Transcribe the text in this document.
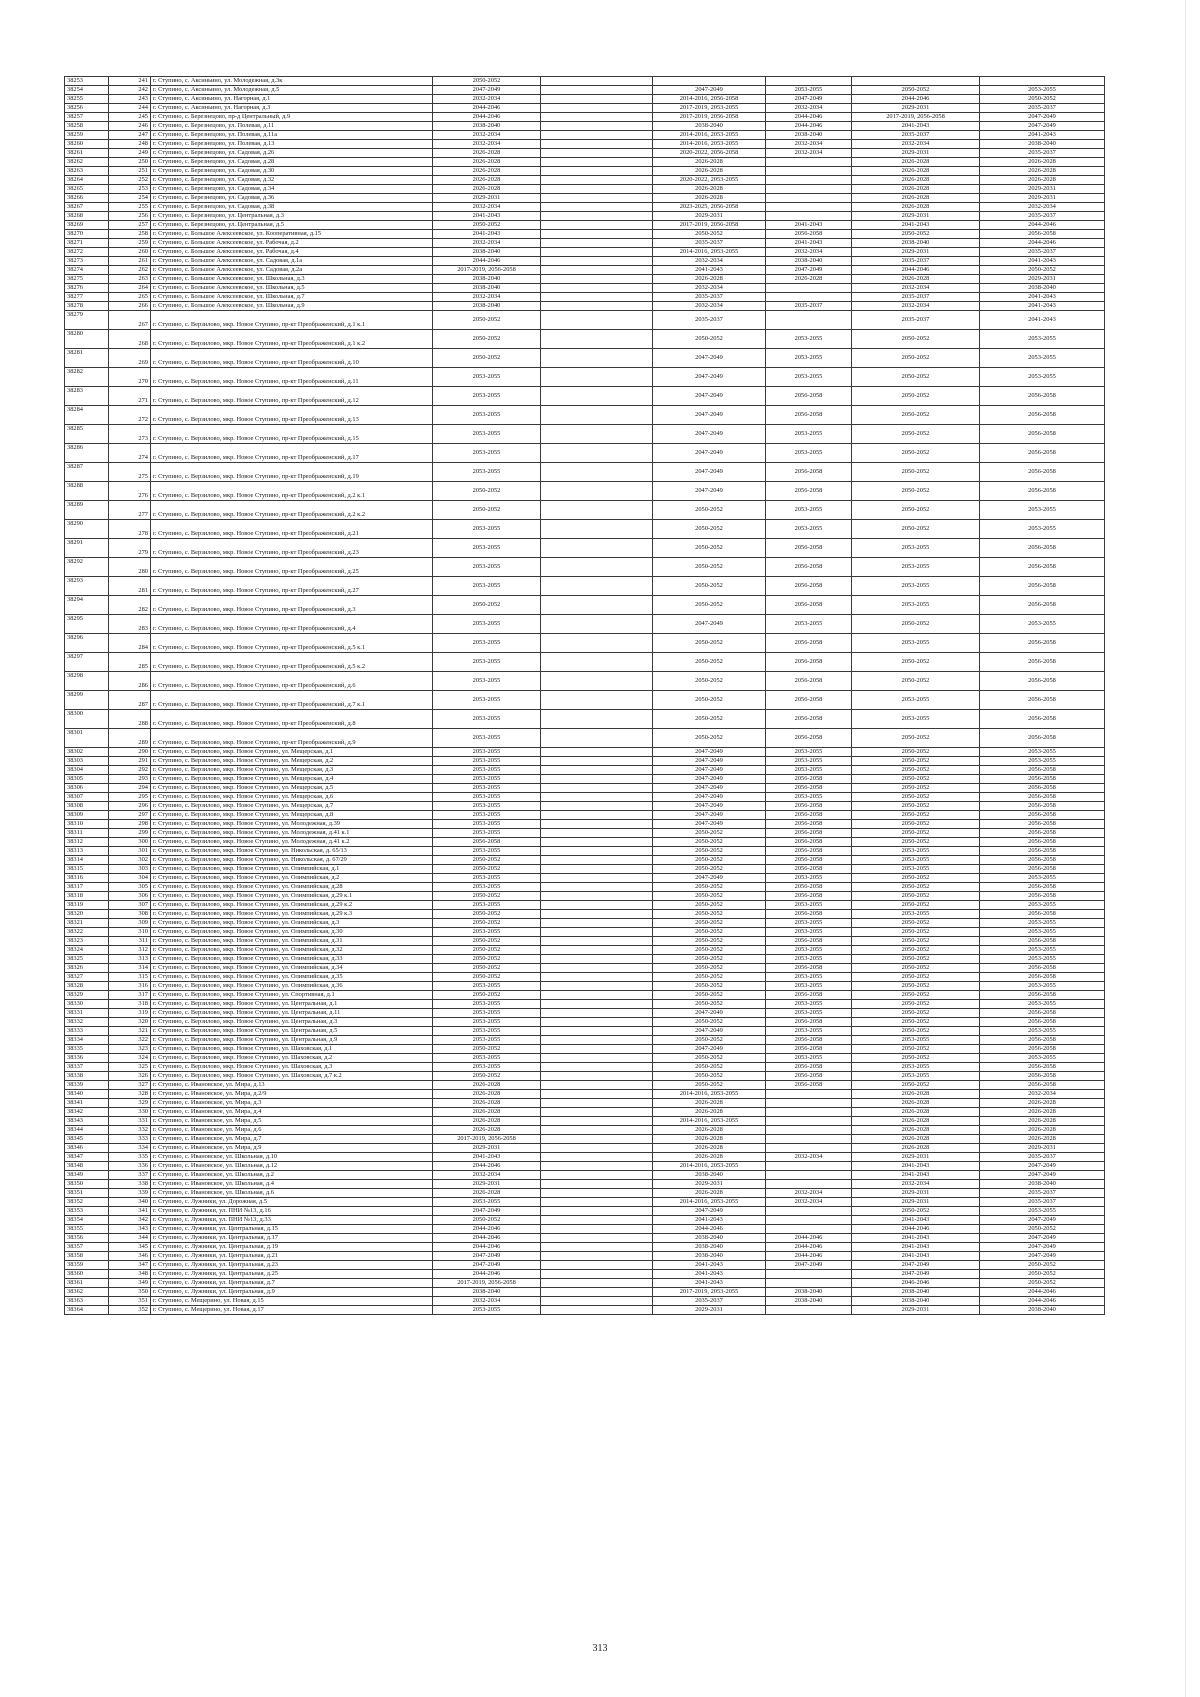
38253	241	г. Ступино, с. Аксиньино, ул. Молодежная, д.3к	2050-2052					
38254	242	г. Ступино, с. Аксиньино, ул. Молодежная, д.5	2047-2049		2047-2049	2053-2055	2050-2052	2053-2055
38255	243	г. Ступино, с. Аксиньино, ул. Нагорная, д.1	2032-2034		2014-2016, 2056-2058	2047-2049	2044-2046	2050-2052
38256	244	г. Ступино, с. Аксиньино, ул. Нагорная, д.3	2044-2046		2017-2019, 2053-2055	2032-2034	2029-2031	2035-2037
38257	245	г. Ступино, с. Березнецово, пр-д Центральный, д.9	2044-2046		2017-2019, 2056-2058	2044-2046	2017-2019, 2056-2058	2047-2049
38258	246	г. Ступино, с. Березнецово, ул. Полевая, д.11	2038-2040		2038-2040	2044-2046	2041-2043	2047-2049
38259	247	г. Ступино, с. Березнецово, ул. Полевая, д.11а	2032-2034		2014-2016, 2053-2055	2038-2040	2035-2037	2041-2043
38260	248	г. Ступино, с. Березнецово, ул. Полевая, д.13	2032-2034		2014-2016, 2053-2055	2032-2034	2032-2034	2038-2040
38261	249	г. Ступино, с. Березнецово, ул. Садовая, д.26	2026-2028		2020-2022, 2056-2058	2032-2034	2029-2031	2035-2037
38262	250	г. Ступино, с. Березнецово, ул. Садовая, д.28	2026-2028		2026-2028		2026-2028	2026-2028
38263	251	г. Ступино, с. Березнецово, ул. Садовая, д.30	2026-2028		2026-2028		2026-2028	2026-2028
38264	252	г. Ступино, с. Березнецово, ул. Садовая, д.32	2026-2028		2020-2022, 2053-2055		2026-2028	2026-2028
38265	253	г. Ступино, с. Березнецово, ул. Садовая, д.34	2026-2028		2026-2028		2026-2028	2029-2031
38266	254	г. Ступино, с. Березнецово, ул. Садовая, д.36	2029-2031		2026-2028		2026-2028	2029-2031
38267	255	г. Ступино, с. Березнецово, ул. Садовая, д.38	2032-2034		2023-2025, 2056-2058		2026-2028	2032-2034
38268	256	г. Ступино, с. Березнецово, ул. Центральная, д.3	2041-2043		2029-2031		2029-2031	2035-2037
38269	257	г. Ступино, с. Березнецово, ул. Центральная, д.5	2050-2052		2017-2019, 2056-2058	2041-2043	2041-2043	2044-2046
38270	258	г. Ступино, с. Большое Алексеевское, ул. Кооперативная, д.15	2041-2043		2050-2052	2056-2058	2050-2052	2056-2058
38271	259	г. Ступино, с. Большое Алексеевское, ул. Рабочая, д.2	2032-2034		2035-2037	2041-2043	2038-2040	2044-2046
38272	260	г. Ступино, с. Большое Алексеевское, ул. Рабочая, д.4	2038-2040		2014-2016, 2053-2055	2032-2034	2029-2031	2035-2037
38273	261	г. Ступино, с. Большое Алексеевское, ул. Садовая, д.1а	2044-2046		2032-2034	2038-2040	2035-2037	2041-2043
38274	262	г. Ступино, с. Большое Алексеевское, ул. Садовая, д.2а	2017-2019, 2056-2058		2041-2043	2047-2049	2044-2046	2050-2052
38275	263	г. Ступино, с. Большое Алексеевское, ул. Школьная, д.3	2038-2040		2026-2028	2026-2028	2026-2028	2029-2031
38276	264	г. Ступино, с. Большое Алексеевское, ул. Школьная, д.5	2038-2040		2032-2034		2032-2034	2038-2040
38277	265	г. Ступино, с. Большое Алексеевское, ул. Школьная, д.7	2032-2034		2035-2037		2035-2037	2041-2043
38278	266	г. Ступино, с. Большое Алексеевское, ул. Школьная, д.9	2038-2040		2032-2034	2035-2037	2032-2034	2041-2043
38279	267	г. Ступино, с. Верзилово, мкр. Новое Ступино, пр-кт Преображенский, д.1 к.1	2050-2052		2035-2037		2035-2037	2041-2043
38280	268	г. Ступино, с. Верзилово, мкр. Новое Ступино, пр-кт Преображенский, д.1 к.2	2050-2052		2050-2052	2053-2055	2050-2052	2053-2055
38281	269	г. Ступино, с. Верзилово, мкр. Новое Ступино, пр-кт Преображенский, д.10	2050-2052		2047-2049	2053-2055	2050-2052	2053-2055
38282	270	г. Ступино, с. Верзилово, мкр. Новое Ступино, пр-кт Преображенский, д.11	2053-2055		2047-2049	2053-2055	2050-2052	2053-2055
38283	271	г. Ступино, с. Верзилово, мкр. Новое Ступино, пр-кт Преображенский, д.12	2053-2055		2047-2049	2056-2058	2050-2052	2056-2058
38284	272	г. Ступино, с. Верзилово, мкр. Новое Ступино, пр-кт Преображенский, д.13	2053-2055		2047-2049	2056-2058	2050-2052	2056-2058
38285	273	г. Ступино, с. Верзилово, мкр. Новое Ступино, пр-кт Преображенский, д.15	2053-2055		2047-2049	2053-2055	2050-2052	2056-2058
38286	274	г. Ступино, с. Верзилово, мкр. Новое Ступино, пр-кт Преображенский, д.17	2053-2055		2047-2049	2053-2055	2050-2052	2056-2058
38287	275	г. Ступино, с. Верзилово, мкр. Новое Ступино, пр-кт Преображенский, д.19	2053-2055		2047-2049	2056-2058	2050-2052	2056-2058
38288	276	г. Ступино, с. Верзилово, мкр. Новое Ступино, пр-кт Преображенский, д.2 к.1	2050-2052		2047-2049	2056-2058	2050-2052	2056-2058
38289	277	г. Ступино, с. Верзилово, мкр. Новое Ступино, пр-кт Преображенский, д.2 к.2	2050-2052		2050-2052	2053-2055	2050-2052	2053-2055
38290	278	г. Ступино, с. Верзилово, мкр. Новое Ступино, пр-кт Преображенский, д.21	2053-2055		2050-2052	2053-2055	2050-2052	2053-2055
38291	279	г. Ступино, с. Верзилово, мкр. Новое Ступино, пр-кт Преображенский, д.23	2053-2055		2050-2052	2056-2058	2053-2055	2056-2058
38292	280	г. Ступино, с. Верзилово, мкр. Новое Ступино, пр-кт Преображенский, д.25	2053-2055		2050-2052	2056-2058	2053-2055	2056-2058
38293	281	г. Ступино, с. Верзилово, мкр. Новое Ступино, пр-кт Преображенский, д.27	2053-2055		2050-2052	2056-2058	2053-2055	2056-2058
38294	282	г. Ступино, с. Верзилово, мкр. Новое Ступино, пр-кт Преображенский, д.3	2050-2052		2050-2052	2056-2058	2053-2055	2056-2058
38295	283	г. Ступино, с. Верзилово, мкр. Новое Ступино, пр-кт Преображенский, д.4	2053-2055		2047-2049	2053-2055	2050-2052	2053-2055
38296	284	г. Ступино, с. Верзилово, мкр. Новое Ступино, пр-кт Преображенский, д.5 к.1	2053-2055		2050-2052	2056-2058	2053-2055	2056-2058
38297	285	г. Ступино, с. Верзилово, мкр. Новое Ступино, пр-кт Преображенский, д.5 к.2	2053-2055		2050-2052	2056-2058	2050-2052	2056-2058
38298	286	г. Ступино, с. Верзилово, мкр. Новое Ступино, пр-кт Преображенский, д.6	2053-2055		2050-2052	2056-2058	2050-2052	2056-2058
38299	287	г. Ступино, с. Верзилово, мкр. Новое Ступино, пр-кт Преображенский, д.7 к.1	2053-2055		2050-2052	2056-2058	2053-2055	2056-2058
38300	288	г. Ступино, с. Верзилово, мкр. Новое Ступино, пр-кт Преображенский, д.8	2053-2055		2050-2052	2056-2058	2053-2055	2056-2058
38301	289	г. Ступино, с. Верзилово, мкр. Новое Ступино, пр-кт Преображенский, д.9	2053-2055		2050-2052	2056-2058	2050-2052	2056-2058
38302	290	г. Ступино, с. Верзилово, мкр. Новое Ступино, ул. Мещерская, д.1	2053-2055		2047-2049	2053-2055	2050-2052	2053-2055
38303	291	г. Ступино, с. Верзилово, мкр. Новое Ступино, ул. Мещерская, д.2	2053-2055		2047-2049	2053-2055	2050-2052	2053-2055
38304	292	г. Ступино, с. Верзилово, мкр. Новое Ступино, ул. Мещерская, д.3	2053-2055		2047-2049	2053-2055	2050-2052	2056-2058
38305	293	г. Ступино, с. Верзилово, мкр. Новое Ступино, ул. Мещерская, д.4	2053-2055		2047-2049	2056-2058	2050-2052	2056-2058
38306	294	г. Ступино, с. Верзилово, мкр. Новое Ступино, ул. Мещерская, д.5	2053-2055		2047-2049	2056-2058	2050-2052	2056-2058
38307	295	г. Ступино, с. Верзилово, мкр. Новое Ступино, ул. Мещерская, д.6	2053-2055		2047-2049	2053-2055	2050-2052	2056-2058
38308	296	г. Ступино, с. Верзилово, мкр. Новое Ступино, ул. Мещерская, д.7	2053-2055		2047-2049	2056-2058	2050-2052	2056-2058
38309	297	г. Ступино, с. Верзилово, мкр. Новое Ступино, ул. Мещерская, д.8	2053-2055		2047-2049	2056-2058	2050-2052	2056-2058
38310	298	г. Ступино, с. Верзилово, мкр. Новое Ступино, ул. Молодежная, д.39	2053-2055		2047-2049	2056-2058	2050-2052	2056-2058
38311	299	г. Ступино, с. Верзилово, мкр. Новое Ступино, ул. Молодежная, д.41 к.1	2053-2055		2050-2052	2056-2058	2050-2052	2056-2058
38312	300	г. Ступино, с. Верзилово, мкр. Новое Ступино, ул. Молодежная, д.41 к.2	2056-2058		2050-2052	2056-2058	2050-2052	2056-2058
38313	301	г. Ступино, с. Верзилово, мкр. Новое Ступино, ул. Никольская, д. 65/13	2053-2055		2050-2052	2056-2058	2053-2055	2056-2058
38314	302	г. Ступино, с. Верзилово, мкр. Новое Ступино, ул. Никольская, д. 67/29	2050-2052		2050-2052	2056-2058	2053-2055	2056-2058
38315	303	г. Ступино, с. Верзилово, мкр. Новое Ступино, ул. Олимпийская, д.1	2050-2052		2050-2052	2056-2058	2053-2055	2056-2058
38316	304	г. Ступино, с. Верзилово, мкр. Новое Ступино, ул. Олимпийская, д.2	2053-2055		2047-2049	2053-2055	2050-2052	2053-2055
38317	305	г. Ступино, с. Верзилово, мкр. Новое Ступино, ул. Олимпийская, д.28	2053-2055		2050-2052	2056-2058	2050-2052	2056-2058
38318	306	г. Ступино, с. Верзилово, мкр. Новое Ступино, ул. Олимпийская, д.29 к.1	2050-2052		2050-2052	2056-2058	2050-2052	2056-2058
38319	307	г. Ступино, с. Верзилово, мкр. Новое Ступино, ул. Олимпийская, д.29 к.2	2053-2055		2050-2052	2053-2055	2050-2052	2053-2055
38320	308	г. Ступино, с. Верзилово, мкр. Новое Ступино, ул. Олимпийская, д.29 к.3	2050-2052		2050-2052	2056-2058	2053-2055	2056-2058
38321	309	г. Ступино, с. Верзилово, мкр. Новое Ступино, ул. Олимпийская, д.3	2050-2052		2050-2052	2053-2055	2050-2052	2053-2055
38322	310	г. Ступино, с. Верзилово, мкр. Новое Ступино, ул. Олимпийская, д.30	2053-2055		2050-2052	2053-2055	2050-2052	2053-2055
38323	311	г. Ступино, с. Верзилово, мкр. Новое Ступино, ул. Олимпийская, д.31	2050-2052		2050-2052	2056-2058	2050-2052	2056-2058
38324	312	г. Ступино, с. Верзилово, мкр. Новое Ступино, ул. Олимпийская, д.32	2050-2052		2050-2052	2053-2055	2050-2052	2053-2055
38325	313	г. Ступино, с. Верзилово, мкр. Новое Ступино, ул. Олимпийская, д.33	2050-2052		2050-2052	2053-2055	2050-2052	2053-2055
38326	314	г. Ступино, с. Верзилово, мкр. Новое Ступино, ул. Олимпийская, д.34	2050-2052		2050-2052	2056-2058	2050-2052	2056-2058
38327	315	г. Ступино, с. Верзилово, мкр. Новое Ступино, ул. Олимпийская, д.35	2050-2052		2050-2052	2053-2055	2050-2052	2056-2058
38328	316	г. Ступино, с. Верзилово, мкр. Новое Ступино, ул. Олимпийская, д.36	2053-2055		2050-2052	2053-2055	2050-2052	2053-2055
38329	317	г. Ступино, с. Верзилово, мкр. Новое Ступино, ул. Спортивная, д.1	2050-2052		2050-2052	2056-2058	2050-2052	2056-2058
38330	318	г. Ступино, с. Верзилово, мкр. Новое Ступино, ул. Центральная, д.1	2053-2055		2050-2052	2053-2055	2050-2052	2053-2055
38331	319	г. Ступино, с. Верзилово, мкр. Новое Ступино, ул. Центральная, д.11	2053-2055		2047-2049	2053-2055	2050-2052	2056-2058
38332	320	г. Ступино, с. Верзилово, мкр. Новое Ступино, ул. Центральная, д.3	2053-2055		2050-2052	2056-2058	2050-2052	2056-2058
38333	321	г. Ступино, с. Верзилово, мкр. Новое Ступино, ул. Центральная, д.5	2053-2055		2047-2049	2053-2055	2050-2052	2053-2055
38334	322	г. Ступино, с. Верзилово, мкр. Новое Ступино, ул. Центральная, д.9	2053-2055		2050-2052	2056-2058	2053-2055	2056-2058
38335	323	г. Ступино, с. Верзилово, мкр. Новое Ступино, ул. Шаховская, д.1	2050-2052		2047-2049	2056-2058	2050-2052	2056-2058
38336	324	г. Ступино, с. Верзилово, мкр. Новое Ступино, ул. Шаховская, д.2	2053-2055		2050-2052	2053-2055	2050-2052	2053-2055
38337	325	г. Ступино, с. Верзилово, мкр. Новое Ступино, ул. Шаховская, д.3	2053-2055		2050-2052	2056-2058	2053-2055	2056-2058
38338	326	г. Ступино, с. Верзилово, мкр. Новое Ступино, ул. Шаховская, д.7 к.2	2050-2052		2050-2052	2056-2058	2053-2055	2056-2058
38339	327	г. Ступино, с. Ивановское, ул. Мира, д.13	2026-2028		2050-2052	2056-2058	2050-2052	2056-2058
38340	328	г. Ступино, с. Ивановское, ул. Мира, д.2/9	2026-2028		2014-2016, 2053-2055		2026-2028	2032-2034
38341	329	г. Ступино, с. Ивановское, ул. Мира, д.3	2026-2028		2026-2028		2026-2028	2026-2028
38342	330	г. Ступино, с. Ивановское, ул. Мира, д.4	2026-2028		2026-2028		2026-2028	2026-2028
38343	331	г. Ступино, с. Ивановское, ул. Мира, д.5	2026-2028		2014-2016, 2053-2055		2026-2028	2026-2028
38344	332	г. Ступино, с. Ивановское, ул. Мира, д.6	2026-2028		2026-2028		2026-2028	2026-2028
38345	333	г. Ступино, с. Ивановское, ул. Мира, д.7	2017-2019, 2056-2058		2026-2028		2026-2028	2026-2028
38346	334	г. Ступино, с. Ивановское, ул. Мира, д.9	2029-2031		2026-2028		2026-2028	2029-2031
38347	335	г. Ступино, с. Ивановское, ул. Школьная, д.10	2041-2043		2026-2028	2032-2034	2029-2031	2035-2037
38348	336	г. Ступино, с. Ивановское, ул. Школьная, д.12	2044-2046		2014-2016, 2053-2055		2041-2043	2047-2049
38349	337	г. Ступино, с. Ивановское, ул. Школьная, д.2	2032-2034		2038-2040		2041-2043	2047-2049
38350	338	г. Ступино, с. Ивановское, ул. Школьная, д.4	2029-2031		2029-2031		2032-2034	2038-2040
38351	339	г. Ступино, с. Ивановское, ул. Школьная, д.6	2026-2028		2026-2028	2032-2034	2029-2031	2035-2037
38352	340	г. Ступино, с. Лужники, ул. Дорожная, д.5	2053-2055		2014-2016, 2053-2055	2032-2034	2029-2031	2035-2037
38353	341	г. Ступино, с. Лужники, ул. ПНИ №13, д.16	2047-2049		2047-2049		2050-2052	2053-2055
38354	342	г. Ступино, с. Лужники, ул. ПНИ №13, д.33	2050-2052		2041-2043		2041-2043	2047-2049
38355	343	г. Ступино, с. Лужники, ул. Центральная, д.15	2044-2046		2044-2046		2044-2046	2050-2052
38356	344	г. Ступино, с. Лужники, ул. Центральная, д.17	2044-2046		2038-2040	2044-2046	2041-2043	2047-2049
38357	345	г. Ступино, с. Лужники, ул. Центральная, д.19	2044-2046		2038-2040	2044-2046	2041-2043	2047-2049
38358	346	г. Ступино, с. Лужники, ул. Центральная, д.21	2047-2049		2038-2040	2044-2046	2041-2043	2047-2049
38359	347	г. Ступино, с. Лужники, ул. Центральная, д.23	2047-2049		2041-2043	2047-2049	2047-2049	2050-2052
38360	348	г. Ступино, с. Лужники, ул. Центральная, д.25	2044-2046		2041-2043		2047-2049	2050-2052
38361	349	г. Ступино, с. Лужники, ул. Центральная, д.7	2017-2019, 2056-2058		2041-2043		2046-2046	2050-2052
38362	350	г. Ступино, с. Лужники, ул. Центральная, д.9	2038-2040		2017-2019, 2053-2055	2038-2040	2038-2040	2044-2046
38363	351	г. Ступино, с. Мещерино, ул. Новая, д.15	2032-2034		2035-2037	2038-2040	2038-2040	2044-2046
38364	352	г. Ступино, с. Мещерино, ул. Новая, д.17	2053-2055		2029-2031		2029-2031	2038-2040
313
